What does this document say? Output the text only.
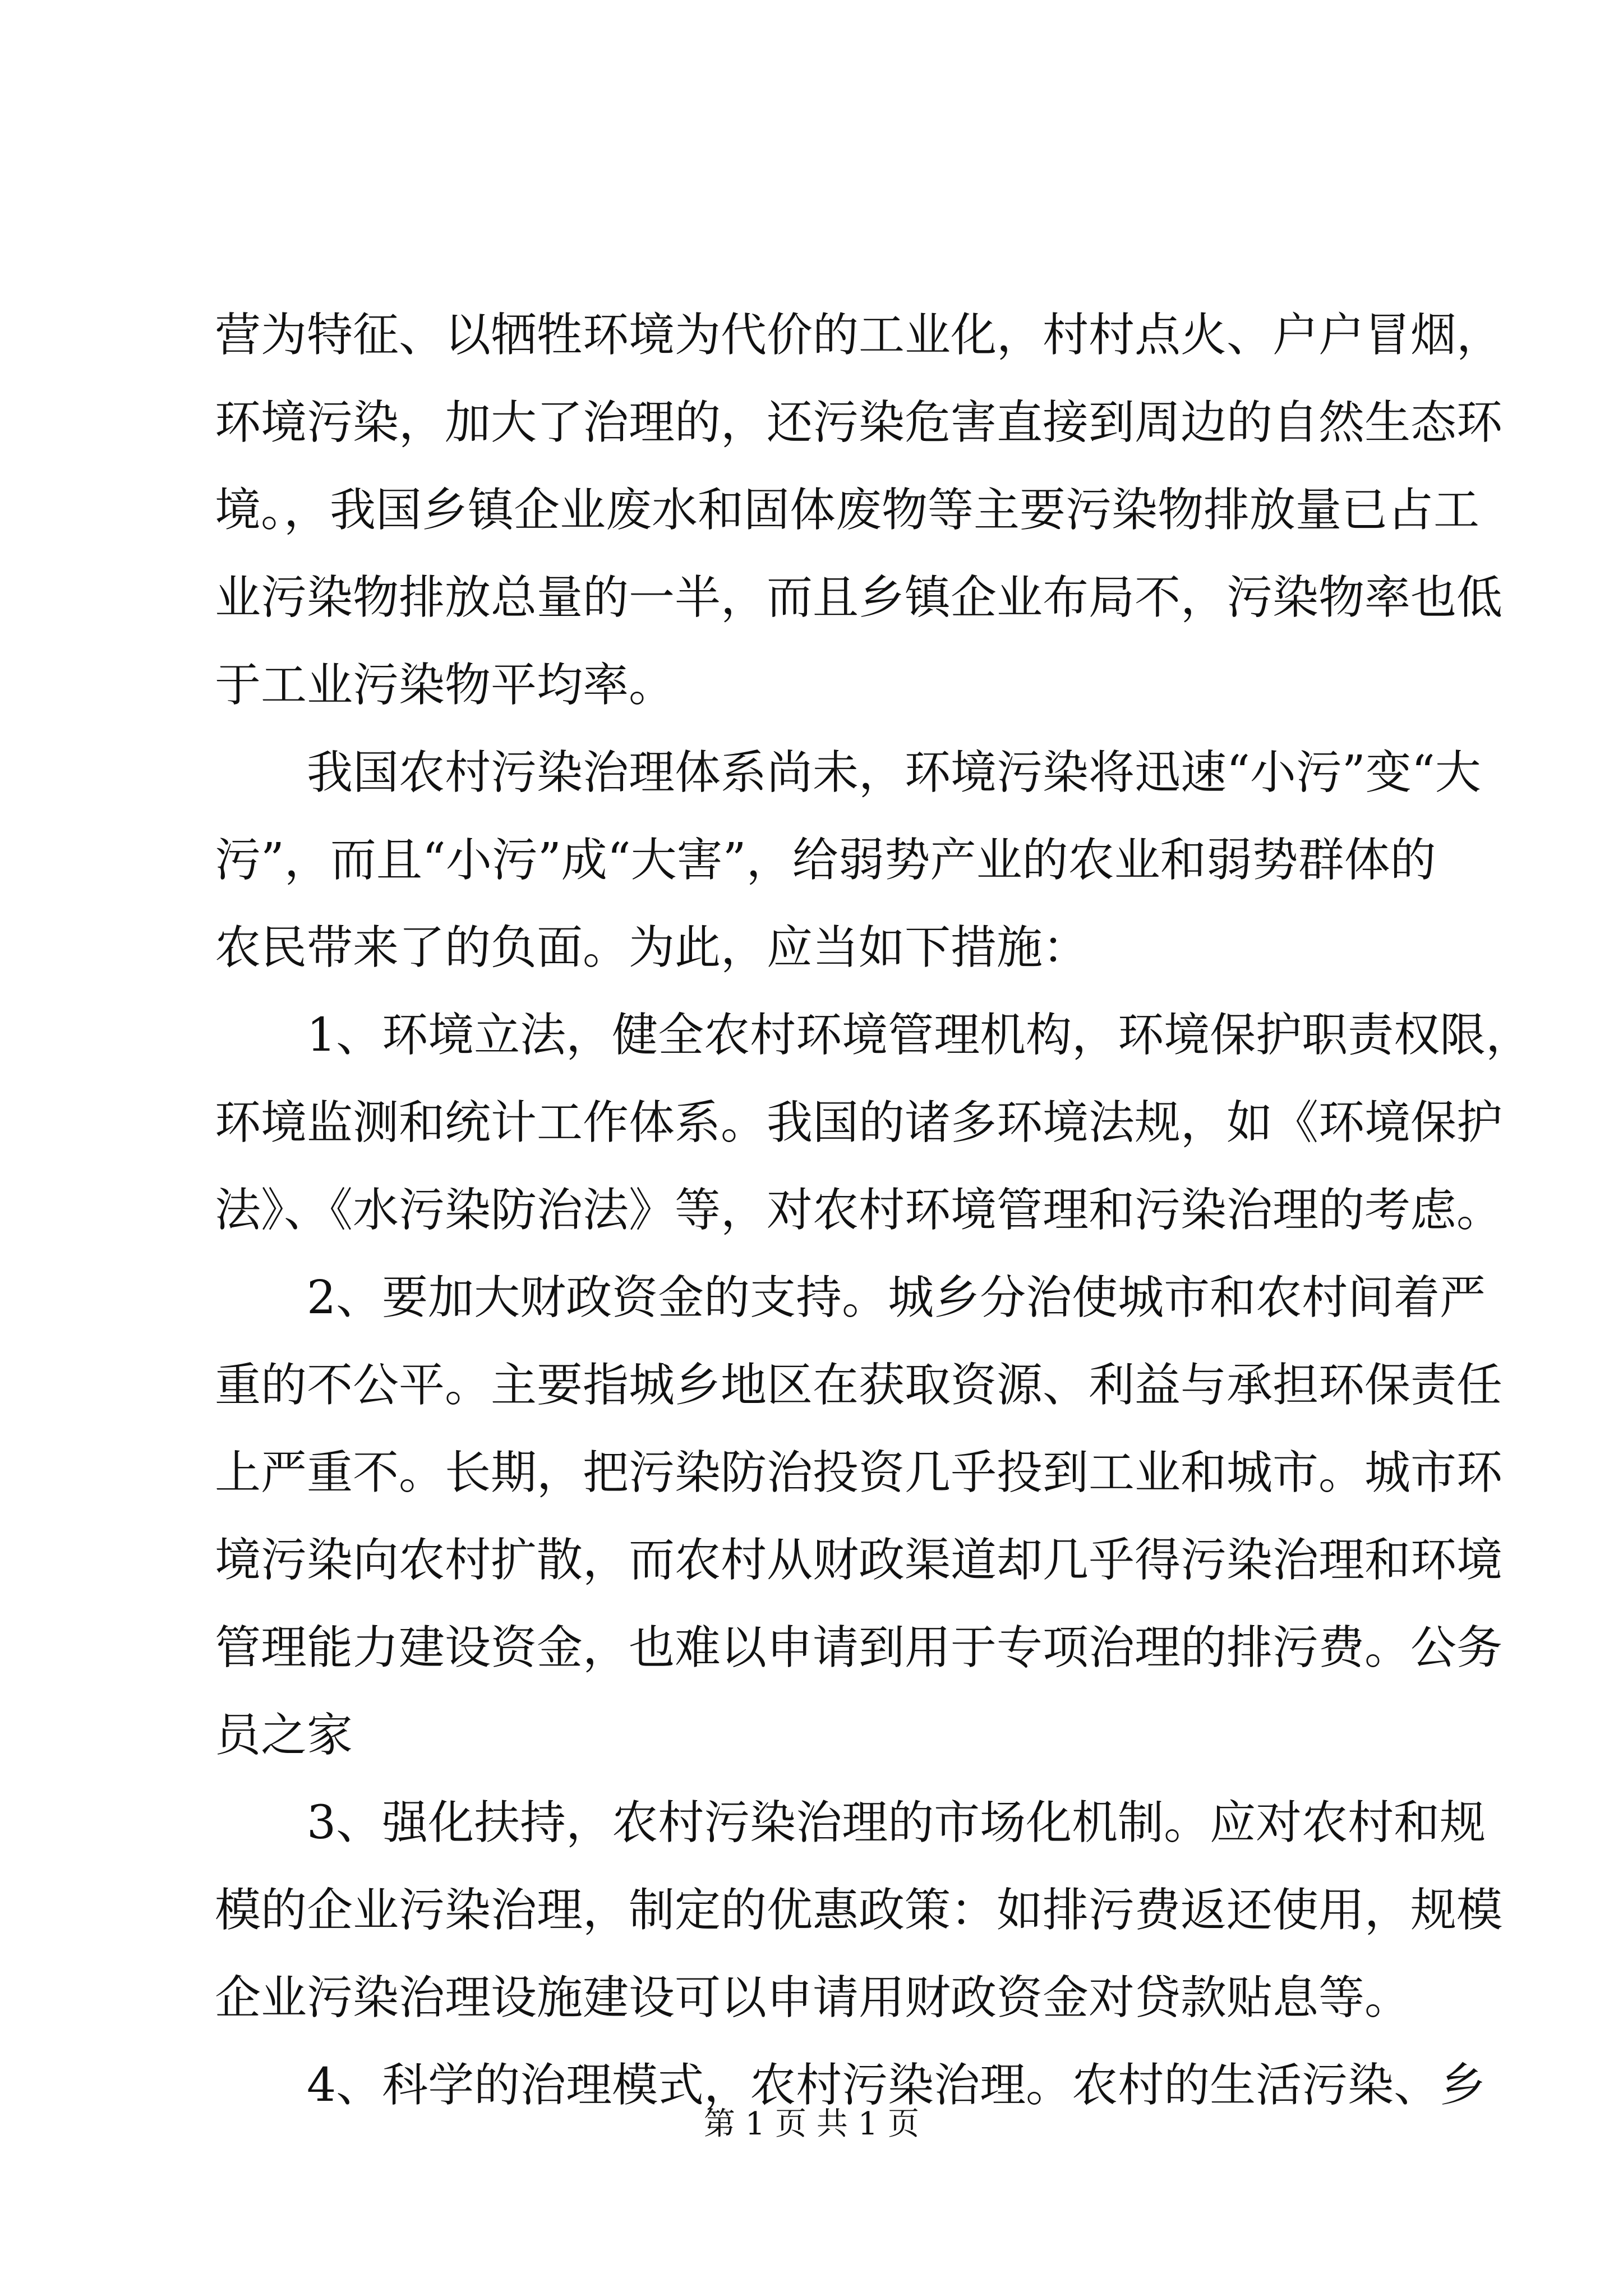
营为特征、以牺牲环境为代价的工业化，村村点火、户户冒烟，
环境污染，加大了治理的，还污染危害直接到周边的自然生态环
境。，我国乡镇企业废水和固体废物等主要污染物排放量已占工
业污染物排放总量的一半，而且乡镇企业布局不，污染物率也低
于工业污染物平均率。
我国农村污染治理体系尚未，环境污染将迅速“小污”变“大
污”，而且“小污”成“大害”，给弱势产业的农业和弱势群体的
农民带来了的负面。为此，应当如下措施：
1、环境立法，健全农村环境管理机构，环境保护职责权限，
环境监测和统计工作体系。我国的诸多环境法规，如《环境保护
法》、《水污染防治法》等，对农村环境管理和污染治理的考虑。
2、要加大财政资金的支持。城乡分治使城市和农村间着严
重的不公平。主要指城乡地区在获取资源、利益与承担环保责任
上严重不。长期，把污染防治投资几乎投到工业和城市。城市环
境污染向农村扩散，而农村从财政渠道却几乎得污染治理和环境
管理能力建设资金，也难以申请到用于专项治理的排污费。公务
员之家
3、强化扶持，农村污染治理的市场化机制。应对农村和规
模的企业污染治理，制定的优惠政策：如排污费返还使用，规模
企业污染治理设施建设可以申请用财政资金对贷款贴息等。
4、科学的治理模式，农村污染治理。农村的生活污染、乡
第 1 页 共 1 页
